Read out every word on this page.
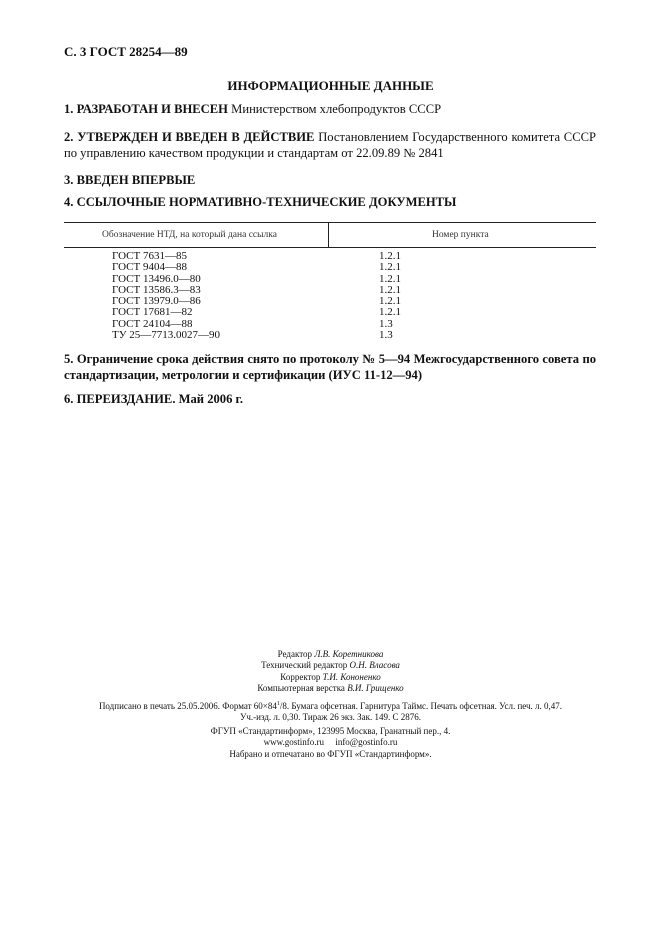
С. 3 ГОСТ 28254—89
ИНФОРМАЦИОННЫЕ ДАННЫЕ
1. РАЗРАБОТАН И ВНЕСЕН Министерством хлебопродуктов СССР
2. УТВЕРЖДЕН И ВВЕДЕН В ДЕЙСТВИЕ Постановлением Государственного комитета СССР по управлению качеством продукции и стандартам от 22.09.89 № 2841
3. ВВЕДЕН ВПЕРВЫЕ
4. ССЫЛОЧНЫЕ НОРМАТИВНО-ТЕХНИЧЕСКИЕ ДОКУМЕНТЫ
Обозначение НТД, на который дана ссылка	Номер пункта
ГОСТ 7631—85	1.2.1
ГОСТ 9404—88	1.2.1
ГОСТ 13496.0—80	1.2.1
ГОСТ 13586.3—83	1.2.1
ГОСТ 13979.0—86	1.2.1
ГОСТ 17681—82	1.2.1
ГОСТ 24104—88	1.3
ТУ 25—7713.0027—90	1.3
5. Ограничение срока действия снято по протоколу № 5—94 Межгосударственного совета по стандартизации, метрологии и сертификации (ИУС 11-12—94)
6. ПЕРЕИЗДАНИЕ. Май 2006 г.
Редактор Л.В. Коретникова
Технический редактор О.Н. Власова
Корректор Т.И. Кононенко
Компьютерная верстка В.И. Грищенко
Подписано в печать 25.05.2006. Формат $60\times 84^1/8$. Бумага офсетная. Гарнитура Таймс. Печать офсетная. Усл. печ. л. 0,47.
Уч.-изд. л. 0,30. Тираж 26 экз. Зак. 149. С 2876.
ФГУП «Стандартинформ», 123995 Москва, Гранатный пер., 4.
www.gostinfo.ru info@gostinfo.ru
Набрано и отпечатано во ФГУП «Стандартинформ».
